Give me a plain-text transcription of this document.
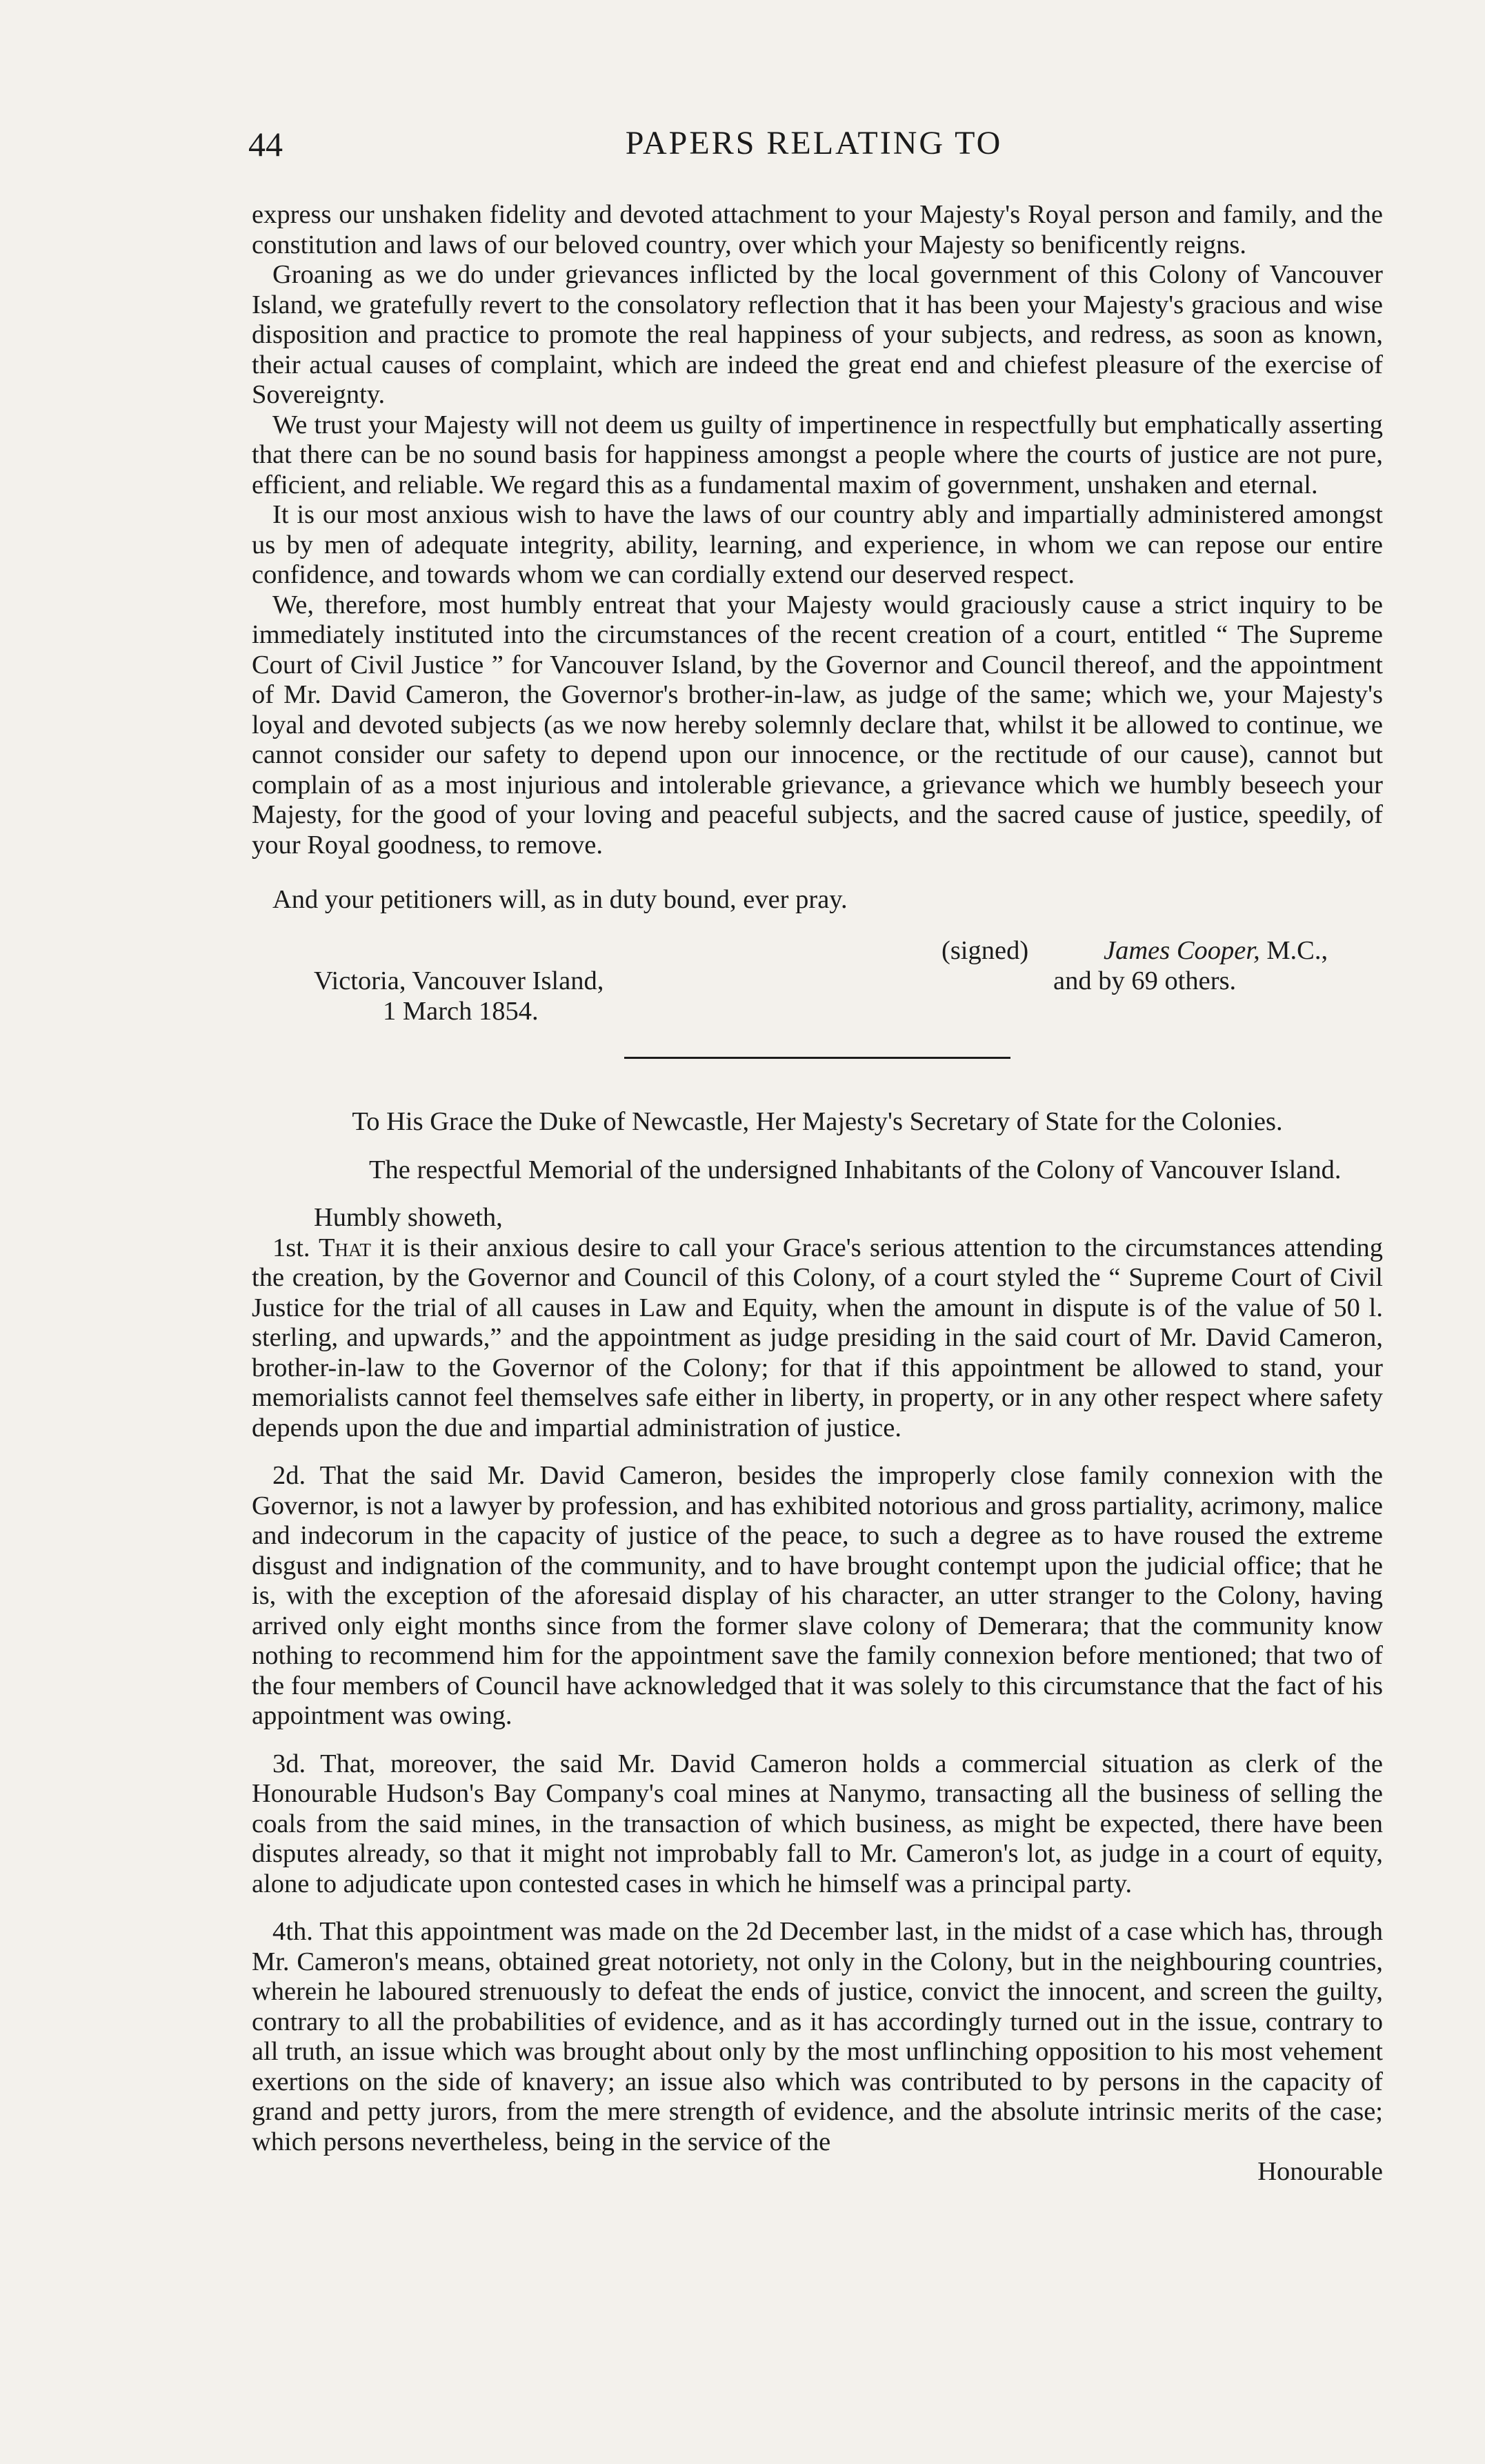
44	PAPERS RELATING TO

express our unshaken fidelity and devoted attachment to your Majesty's Royal person and family, and the constitution and laws of our beloved country, over which your Majesty so benificently reigns.

Groaning as we do under grievances inflicted by the local government of this Colony of Vancouver Island, we gratefully revert to the consolatory reflection that it has been your Majesty's gracious and wise disposition and practice to promote the real happiness of your subjects, and redress, as soon as known, their actual causes of complaint, which are indeed the great end and chiefest pleasure of the exercise of Sovereignty.

We trust your Majesty will not deem us guilty of impertinence in respectfully but emphatically asserting that there can be no sound basis for happiness amongst a people where the courts of justice are not pure, efficient, and reliable. We regard this as a fundamental maxim of government, unshaken and eternal.

It is our most anxious wish to have the laws of our country ably and impartially administered amongst us by men of adequate integrity, ability, learning, and experience, in whom we can repose our entire confidence, and towards whom we can cordially extend our deserved respect.

We, therefore, most humbly entreat that your Majesty would graciously cause a strict inquiry to be immediately instituted into the circumstances of the recent creation of a court, entitled “ The Supreme Court of Civil Justice ” for Vancouver Island, by the Governor and Council thereof, and the appointment of Mr. David Cameron, the Governor's brother-in-law, as judge of the same; which we, your Majesty's loyal and devoted subjects (as we now hereby solemnly declare that, whilst it be allowed to continue, we cannot consider our safety to depend upon our innocence, or the rectitude of our cause), cannot but complain of as a most injurious and intolerable grievance, a grievance which we humbly beseech your Majesty, for the good of your loving and peaceful subjects, and the sacred cause of justice, speedily, of your Royal goodness, to remove.

And your petitioners will, as in duty bound, ever pray.

(signed)	James Cooper, M.C.,
Victoria, Vancouver Island,	and by 69 others.
1 March 1854.

To His Grace the Duke of Newcastle, Her Majesty's Secretary of State for the Colonies.

The respectful Memorial of the undersigned Inhabitants of the Colony of Vancouver Island.

Humbly showeth,

1st. That it is their anxious desire to call your Grace's serious attention to the circumstances attending the creation, by the Governor and Council of this Colony, of a court styled the “ Supreme Court of Civil Justice for the trial of all causes in Law and Equity, when the amount in dispute is of the value of 50 l. sterling, and upwards,” and the appointment as judge presiding in the said court of Mr. David Cameron, brother-in-law to the Governor of the Colony; for that if this appointment be allowed to stand, your memorialists cannot feel themselves safe either in liberty, in property, or in any other respect where safety depends upon the due and impartial administration of justice.

2d. That the said Mr. David Cameron, besides the improperly close family connexion with the Governor, is not a lawyer by profession, and has exhibited notorious and gross partiality, acrimony, malice and indecorum in the capacity of justice of the peace, to such a degree as to have roused the extreme disgust and indignation of the community, and to have brought contempt upon the judicial office; that he is, with the exception of the aforesaid display of his character, an utter stranger to the Colony, having arrived only eight months since from the former slave colony of Demerara; that the community know nothing to recommend him for the appointment save the family connexion before mentioned; that two of the four members of Council have acknowledged that it was solely to this circumstance that the fact of his appointment was owing.

3d. That, moreover, the said Mr. David Cameron holds a commercial situation as clerk of the Honourable Hudson's Bay Company's coal mines at Nanymo, transacting all the business of selling the coals from the said mines, in the transaction of which business, as might be expected, there have been disputes already, so that it might not improbably fall to Mr. Cameron's lot, as judge in a court of equity, alone to adjudicate upon contested cases in which he himself was a principal party.

4th. That this appointment was made on the 2d December last, in the midst of a case which has, through Mr. Cameron's means, obtained great notoriety, not only in the Colony, but in the neighbouring countries, wherein he laboured strenuously to defeat the ends of justice, convict the innocent, and screen the guilty, contrary to all the probabilities of evidence, and as it has accordingly turned out in the issue, contrary to all truth, an issue which was brought about only by the most unflinching opposition to his most vehement exertions on the side of knavery; an issue also which was contributed to by persons in the capacity of grand and petty jurors, from the mere strength of evidence, and the absolute intrinsic merits of the case; which persons nevertheless, being in the service of the

Honourable
